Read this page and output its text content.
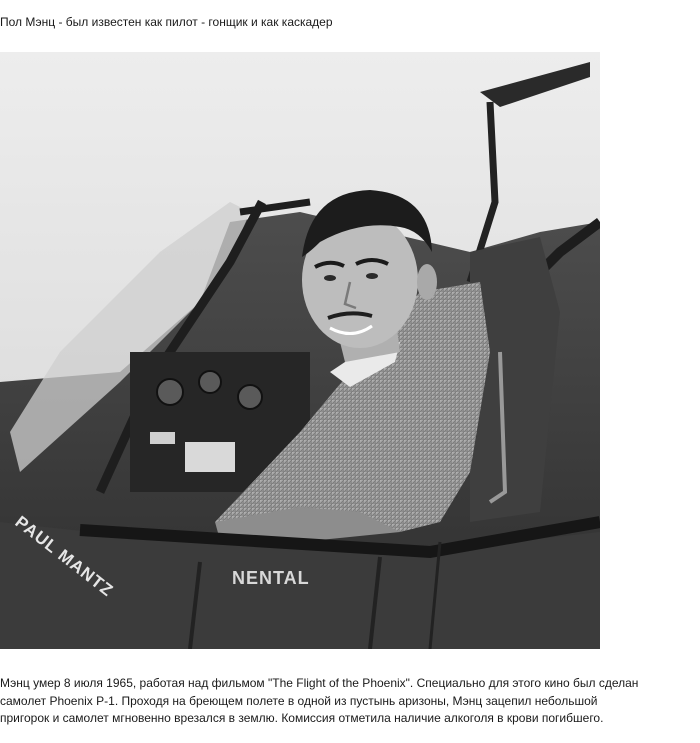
Пол Мэнц - был известен как пилот - гонщик и как каскадер
PAUL MANTZ	NENTAL
Мэнц умер 8 июля 1965, работая над фильмом "The Flight of the Phoenix". Специально для этого кино был сделан
самолет Phoenix P-1. Проходя на бреющем полете в одной из пустынь аризоны, Мэнц зацепил небольшой
пригорок и самолет мгновенно врезался в землю. Комиссия отметила наличие алкоголя в крови погибшего.
